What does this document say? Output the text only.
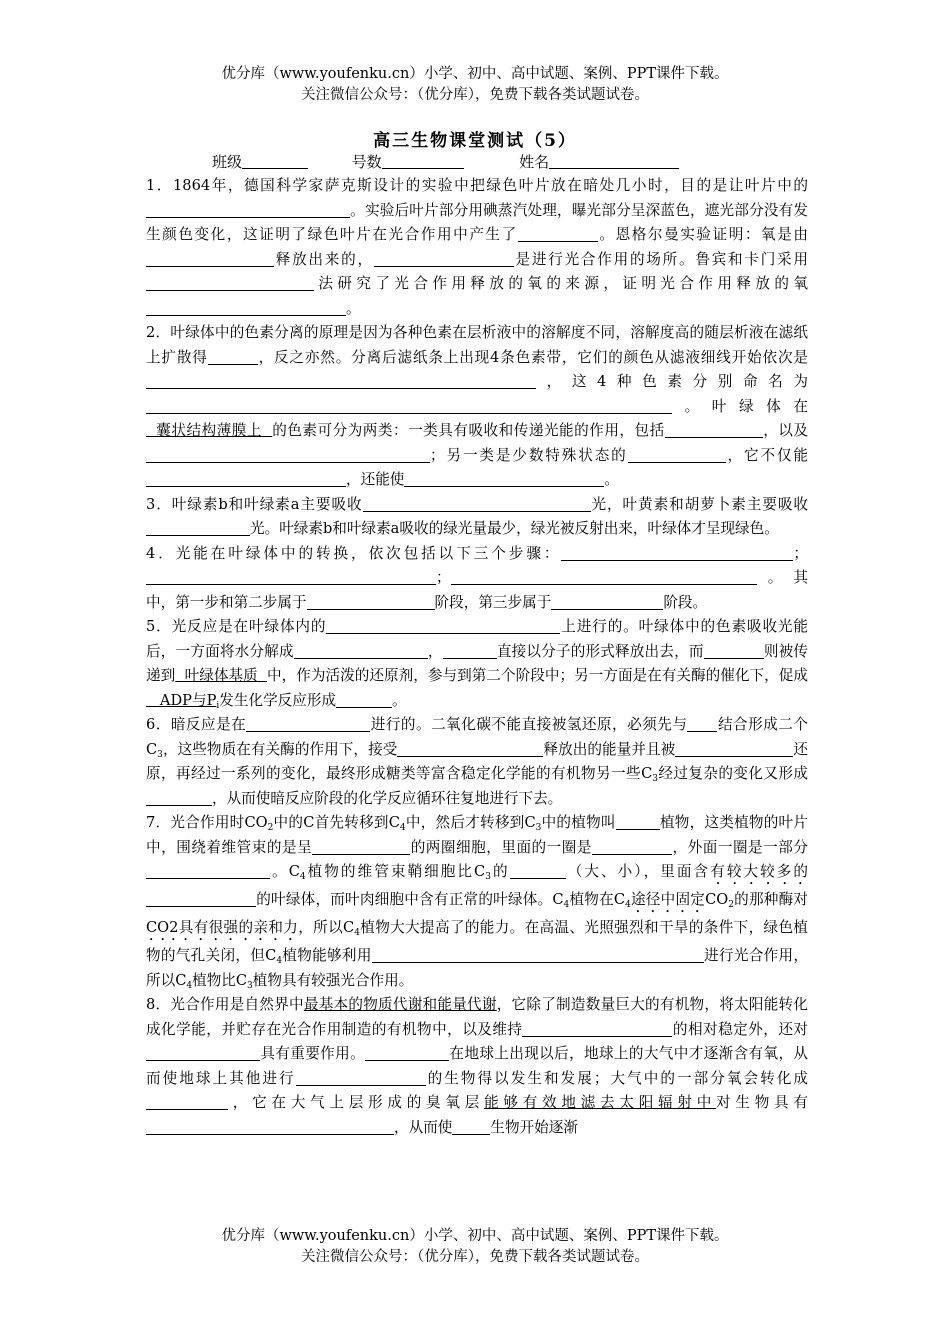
优分库（www.youfenku.cn）小学、初中、高中试题、案例、PPT课件下载。
关注微信公众号：（优分库），免费下载各类试题试卷。
高三生物课堂测试（5）
班级	号数	姓名

1．1864年，德国科学家萨克斯设计的实验中把绿色叶片放在暗处几小时，目的是让叶片中的。实验后叶片部分用碘蒸汽处理，曝光部分呈深蓝色，遮光部分没有发生颜色变化，这证明了绿色叶片在光合作用中产生了	。恩格尔曼实验证明：氧是由释放出来的，	是进行光合作用的场所。鲁宾和卡门采用法研究了光合作用释放的氧的来源，证明光合作用释放的氧。

2．叶绿体中的色素分离的原理是因为各种色素在层析液中的溶解度不同，溶解度高的随层析液在滤纸上扩散得	，反之亦然。分离后滤纸条上出现4条色素带，它们的颜色从滤液细线开始依次是，这4种色素分别命名为。叶绿体在  囊状结构薄膜上  的色素可分为两类：一类具有吸收和传递光能的作用，包括	，以及；另一类是少数特殊状态的	，它不仅能，还能使	。

3．叶绿素b和叶绿素a主要吸收	光，叶黄素和胡萝卜素主要吸收光。叶绿素b和叶绿素a吸收的绿光量最少，绿光被反射出来，叶绿体才呈现绿色。

4．光能在叶绿体中的转换，依次包括以下三个步骤：	；；	。其中，第一步和第二步属于	阶段，第三步属于	阶段。

5．光反应是在叶绿体内的	上进行的。叶绿体中的色素吸收光能后，一方面将水分解成	，	直接以分子的形式释放出去，而	则被传递到  叶绿体基质  中，作为活泼的还原剂，参与到第二个阶段中；另一方面是在有关酶的催化下，促成   ADP与$P_i$发生化学反应形成	。

6．暗反应是在	进行的。二氧化碳不能直接被氢还原，必须先与 结合形成二个$C_3$，这些物质在有关酶的作用下，接受	释放出的能量并且被	还原，再经过一系列的变化，最终形成糖类等富含稳定化学能的有机物另一些$C_3$经过复杂的变化又形成，从而使暗反应阶段的化学反应循环往复地进行下去。

7．光合作用时$CO_2$中的C首先转移到$C_4$中，然后才转移到$C_3$中的植物叫	植物，这类植物的叶片中，围绕着维管束的是呈	的两圈细胞，里面的一圈是	，外面一圈是一部分。$C_4$植物的维管束鞘细胞比$C_3$的	（大、小），里面含有较大较多的的叶绿体，而叶肉细胞中含有正常的叶绿体。$C_4$植物在$C_4$途径中固定$CO_2$的那种酶对CO2具有很强的亲和力，所以$C_4$植物大大提高了的能力。在高温、光照强烈和干旱的条件下，绿色植物的气孔关闭，但$C_4$植物能够利用	进行光合作用，所以$C_4$植物比$C_3$植物具有较强光合作用。

8．光合作用是自然界中最基本的物质代谢和能量代谢，它除了制造数量巨大的有机物，将太阳能转化成化学能，并贮存在光合作用制造的有机物中，以及维持	的相对稳定外，还对具有重要作用。	在地球上出现以后，地球上的大气中才逐渐含有氧，从而使地球上其他进行	的生物得以发生和发展；大气中的一部分氧会转化成，它在大气上层形成的臭氧层能够有效地滤去太阳辐射中对生物具有，从而使	生物开始逐渐

优分库（www.youfenku.cn）小学、初中、高中试题、案例、PPT课件下载。
关注微信公众号：（优分库），免费下载各类试题试卷。
